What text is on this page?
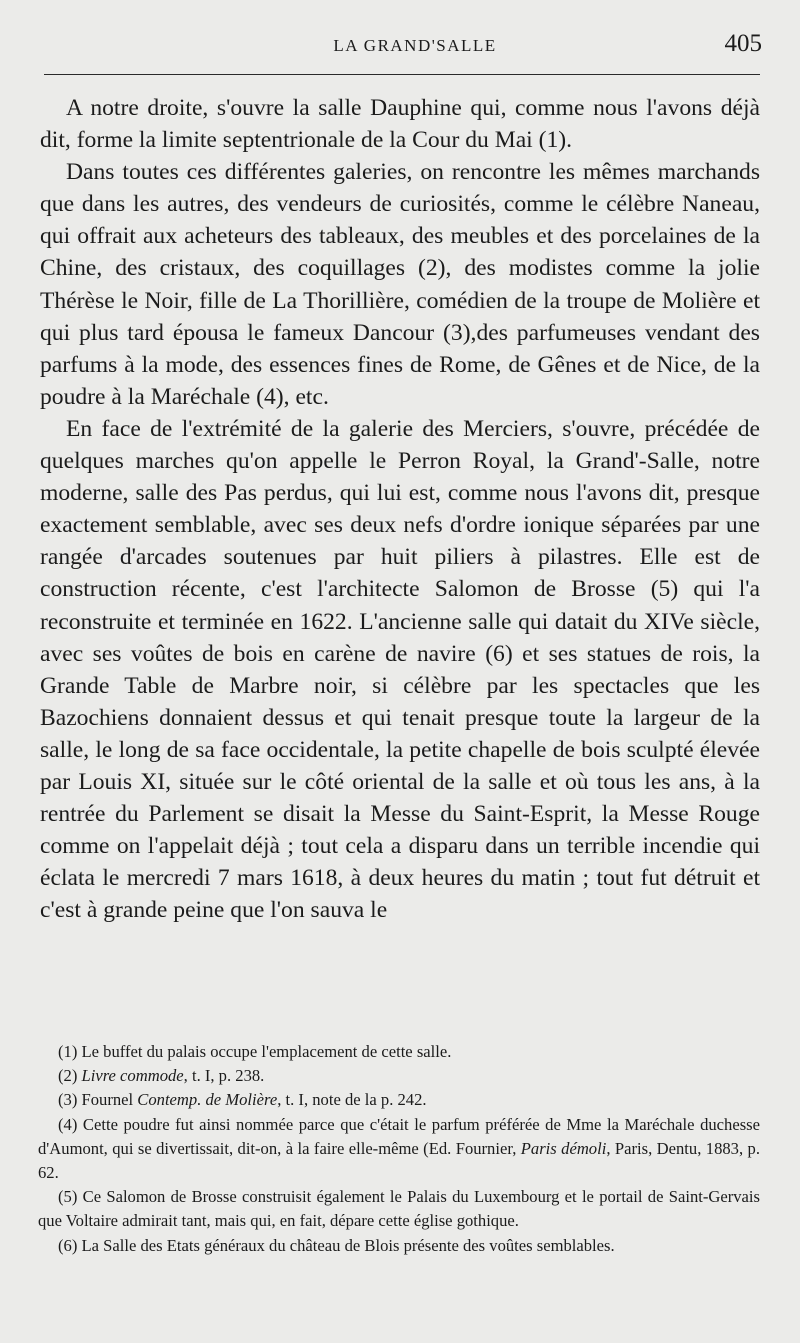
LA GRAND'SALLE	405

A notre droite, s'ouvre la salle Dauphine qui, comme nous l'avons déjà dit, forme la limite septentrionale de la Cour du Mai (1).

Dans toutes ces différentes galeries, on rencontre les mêmes marchands que dans les autres, des vendeurs de curiosités, comme le célèbre Naneau, qui offrait aux acheteurs des tableaux, des meubles et des porcelaines de la Chine, des cristaux, des coquillages (2), des modistes comme la jolie Thérèse le Noir, fille de La Thorillière, comédien de la troupe de Molière et qui plus tard épousa le fameux Dancour (3),des parfumeuses vendant des parfums à la mode, des essences fines de Rome, de Gênes et de Nice, de la poudre à la Maréchale (4), etc.

En face de l'extrémité de la galerie des Merciers, s'ouvre, précédée de quelques marches qu'on appelle le Perron Royal, la Grand'-Salle, notre moderne, salle des Pas perdus, qui lui est, comme nous l'avons dit, presque exactement semblable, avec ses deux nefs d'ordre ionique séparées par une rangée d'arcades soutenues par huit piliers à pilastres. Elle est de construction récente, c'est l'architecte Salomon de Brosse (5) qui l'a reconstruite et terminée en 1622. L'ancienne salle qui datait du XIVe siècle, avec ses voûtes de bois en carène de navire (6) et ses statues de rois, la Grande Table de Marbre noir, si célèbre par les spectacles que les Bazochiens donnaient dessus et qui tenait presque toute la largeur de la salle, le long de sa face occidentale, la petite chapelle de bois sculpté élevée par Louis XI, située sur le côté oriental de la salle et où tous les ans, à la rentrée du Parlement se disait la Messe du Saint-Esprit, la Messe Rouge comme on l'appelait déjà ; tout cela a disparu dans un terrible incendie qui éclata le mercredi 7 mars 1618, à deux heures du matin ; tout fut détruit et c'est à grande peine que l'on sauva le

(1) Le buffet du palais occupe l'emplacement de cette salle.

(2) Livre commode, t. I, p. 238.

(3) Fournel Contemp. de Molière, t. I, note de la p. 242.

(4) Cette poudre fut ainsi nommée parce que c'était le parfum préférée de Mme la Maréchale duchesse d'Aumont, qui se divertissait, dit-on, à la faire elle-même (Ed. Fournier, Paris démoli, Paris, Dentu, 1883, p. 62.

(5) Ce Salomon de Brosse construisit également le Palais du Luxembourg et le portail de Saint-Gervais que Voltaire admirait tant, mais qui, en fait, dépare cette église gothique.

(6) La Salle des Etats généraux du château de Blois présente des voûtes semblables.
